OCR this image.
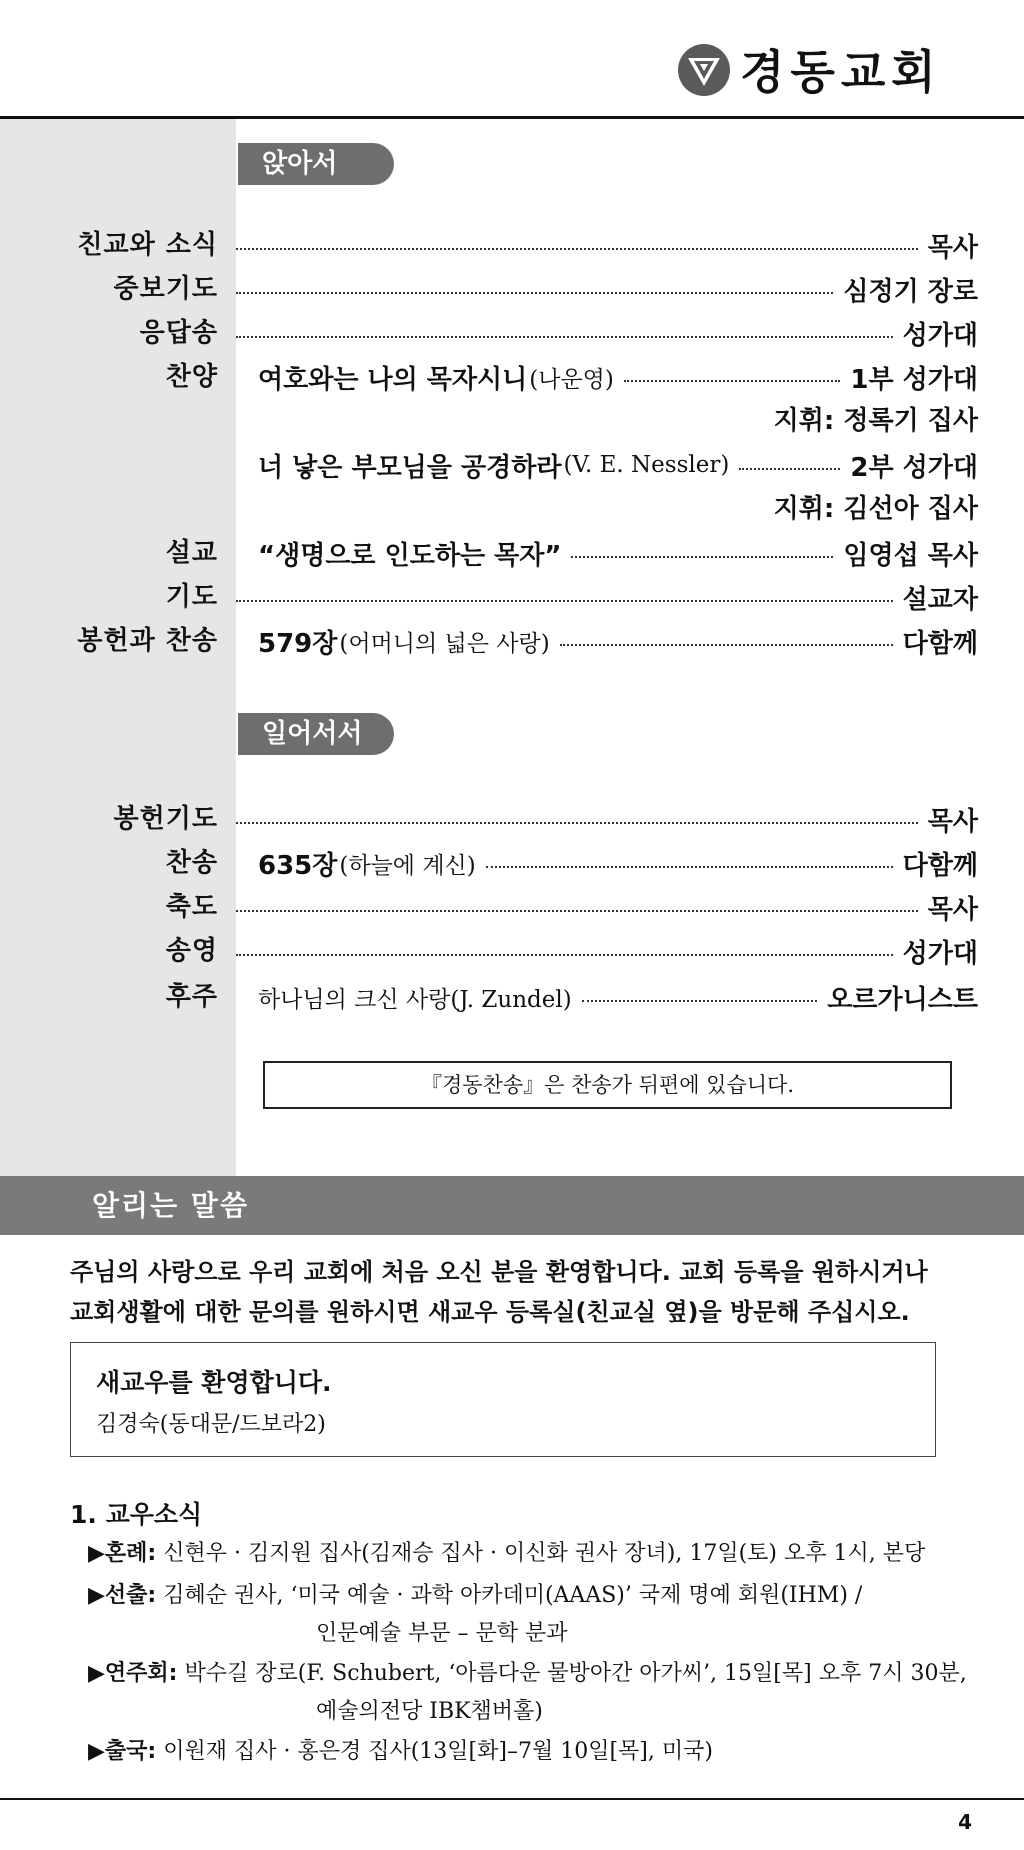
경동교회
앉아서
친교와 소식	목사
중보기도	심정기 장로
응답송	성가대
찬양 여호와는 나의 목자시니 (나운영)	1부 성가대
지휘: 정록기 집사
너 낳은 부모님을 공경하라 (V. E. Nessler)	2부 성가대
지휘: 김선아 집사
설교 “생명으로 인도하는 목자”	임영섭 목사
기도	설교자
봉헌과 찬송 579장 (어머니의 넓은 사랑)	다함께
일어서서
봉헌기도	목사
찬송 635장 (하늘에 계신)	다함께
축도	목사
송영	성가대
후주 하나님의 크신 사랑(J. Zundel)	오르가니스트
『경동찬송』은 찬송가 뒤편에 있습니다.
알리는 말씀
주님의 사랑으로 우리 교회에 처음 오신 분을 환영합니다. 교회 등록을 원하시거나
교회생활에 대한 문의를 원하시면 새교우 등록실(친교실 옆)을 방문해 주십시오.
새교우를 환영합니다.
김경숙(동대문/드보라2)
1. 교우소식
▶혼례: 신현우 · 김지원 집사(김재승 집사 · 이신화 권사 장녀), 17일(토) 오후 1시, 본당
▶선출: 김혜순 권사, ‘미국 예술 · 과학 아카데미(AAAS)’ 국제 명예 회원(IHM) /
인문예술 부문 – 문학 분과
▶연주회: 박수길 장로(F. Schubert, ‘아름다운 물방아간 아가씨’, 15일[목] 오후 7시 30분,
예술의전당 IBK챔버홀)
▶출국: 이원재 집사 · 홍은경 집사(13일[화]–7월 10일[목], 미국)
4
